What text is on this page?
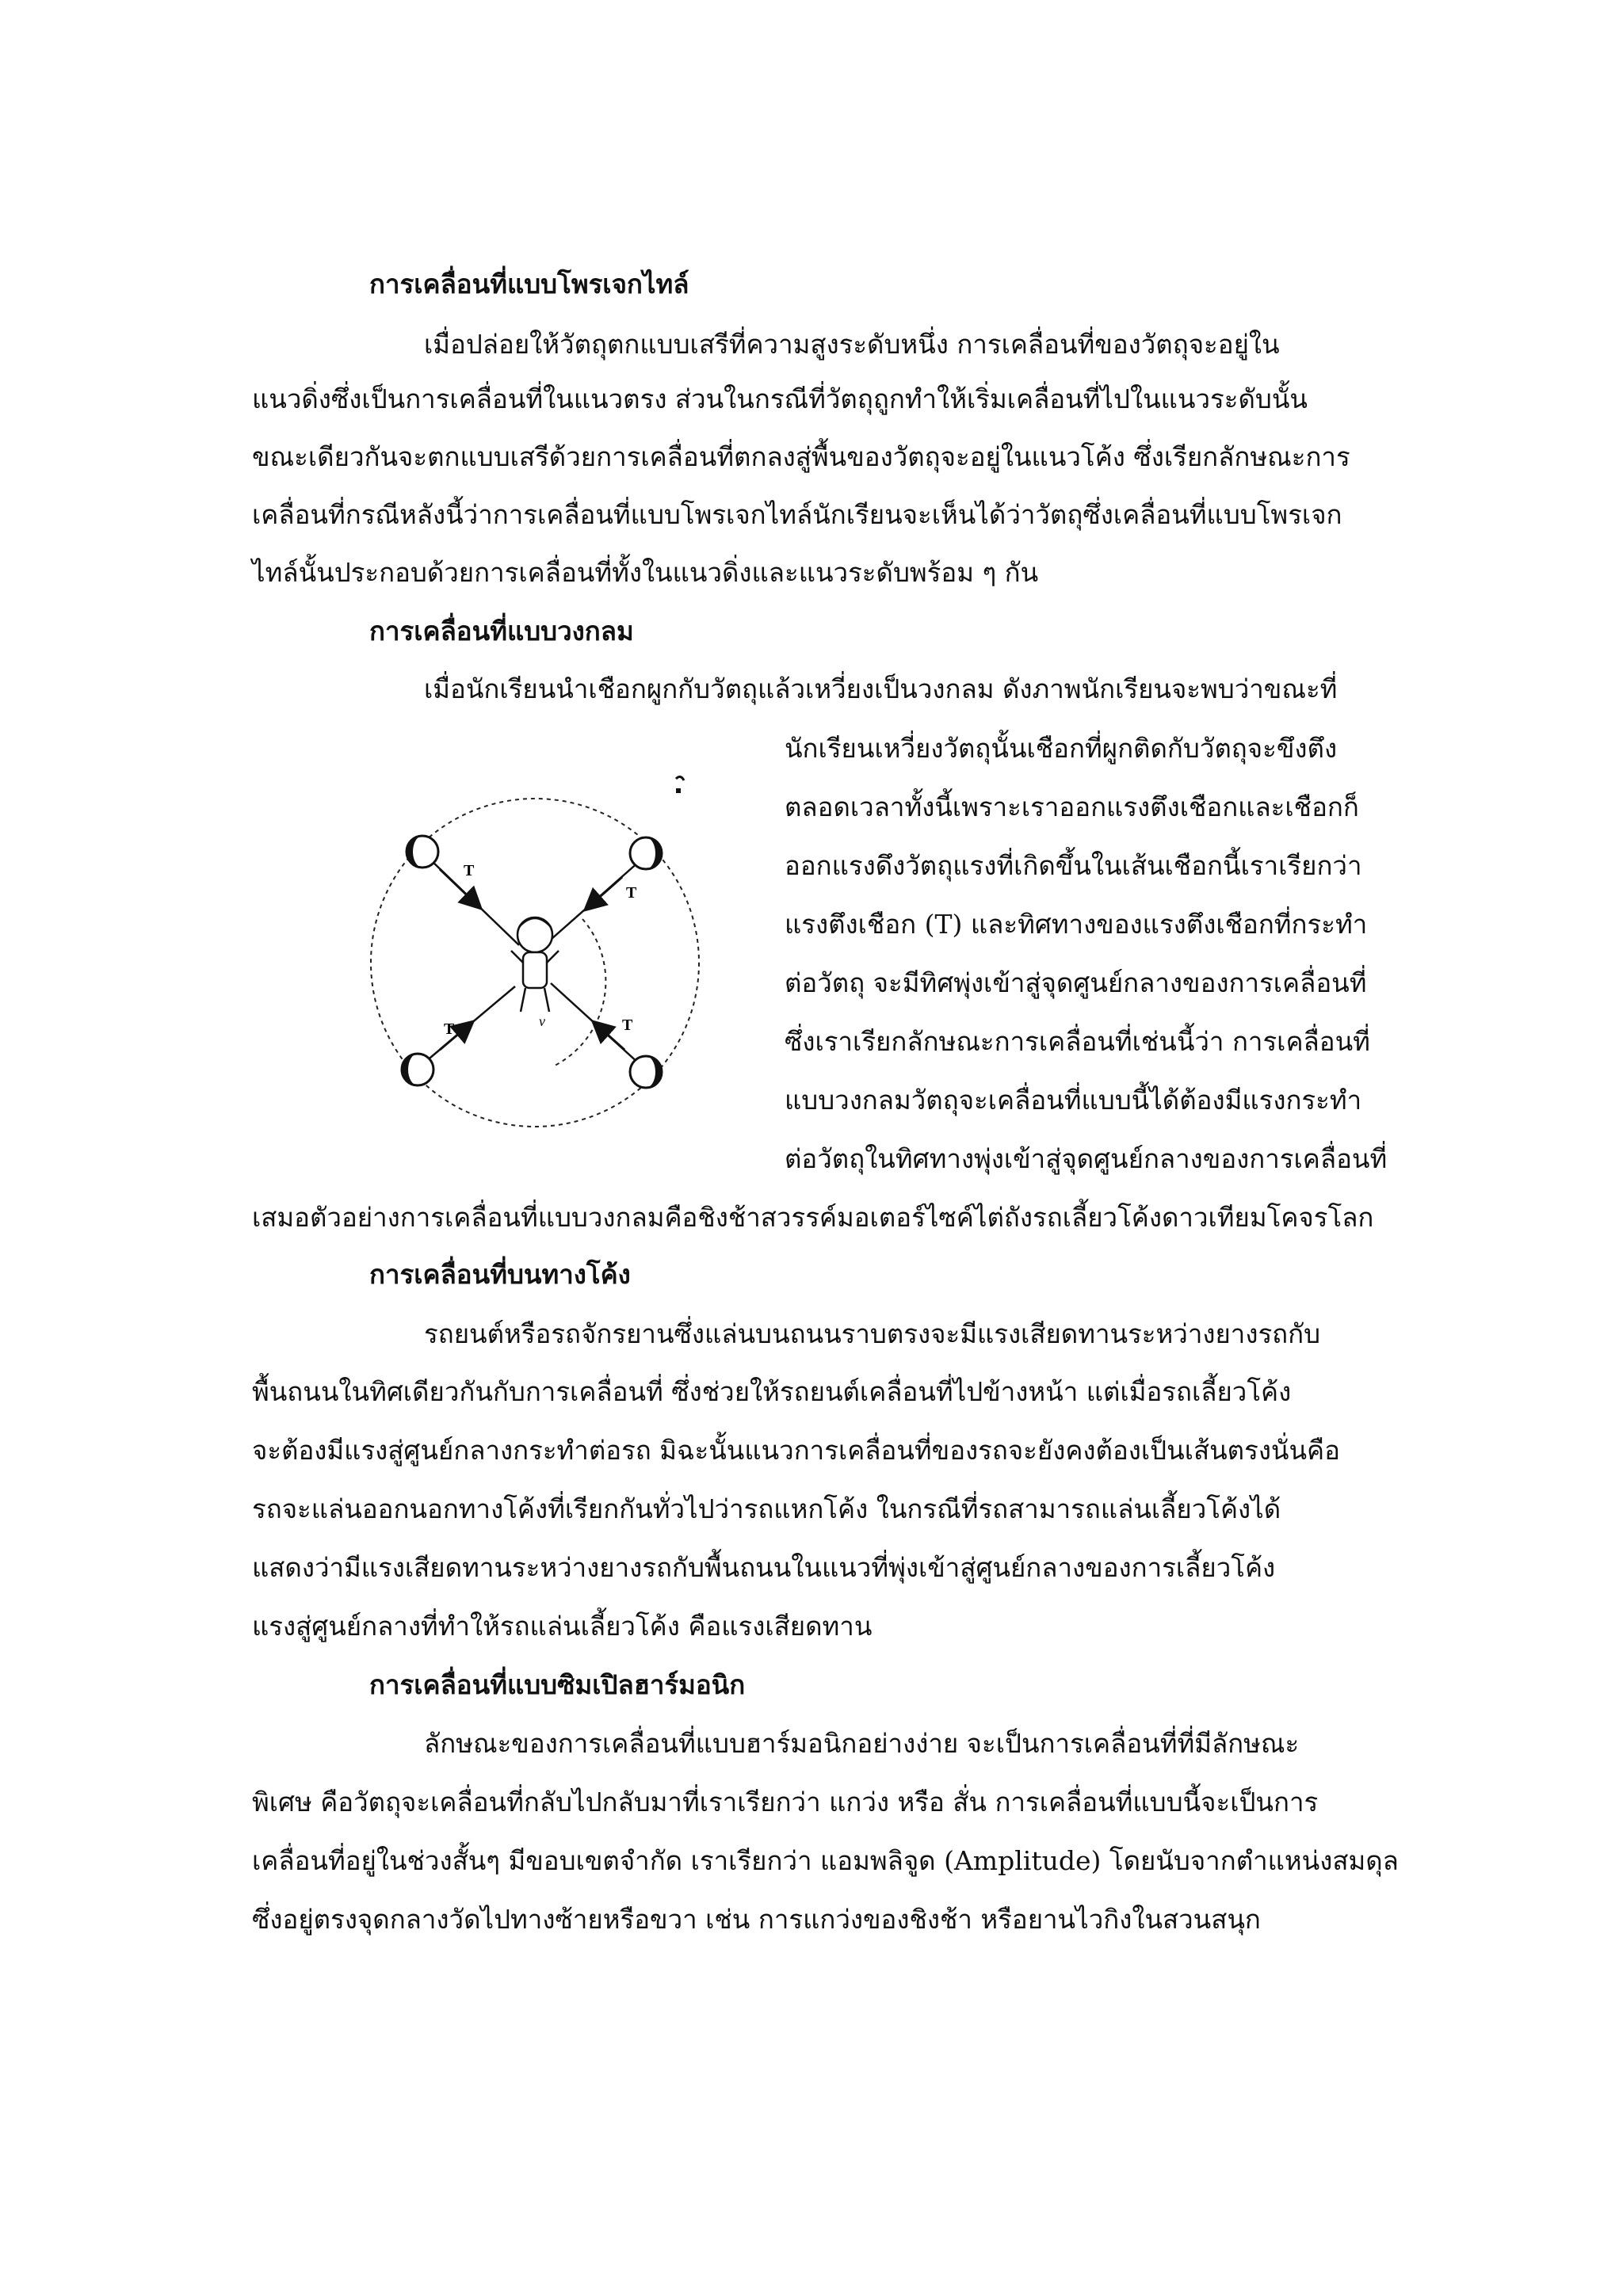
การเคลื่อนที่แบบโพรเจกไทล์
เมื่อปล่อยให้วัตถุตกแบบเสรีที่ความสูงระดับหนึ่ง การเคลื่อนที่ของวัตถุจะอยู่ใน
แนวดิ่งซึ่งเป็นการเคลื่อนที่ในแนวตรง ส่วนในกรณีที่วัตถุถูกทำให้เริ่มเคลื่อนที่ไปในแนวระดับนั้น
ขณะเดียวกันจะตกแบบเสรีด้วยการเคลื่อนที่ตกลงสู่พื้นของวัตถุจะอยู่ในแนวโค้ง ซึ่งเรียกลักษณะการ
เคลื่อนที่กรณีหลังนี้ว่าการเคลื่อนที่แบบโพรเจกไทล์นักเรียนจะเห็นได้ว่าวัตถุซึ่งเคลื่อนที่แบบโพรเจก
ไทล์นั้นประกอบด้วยการเคลื่อนที่ทั้งในแนวดิ่งและแนวระดับพร้อม ๆ กัน
การเคลื่อนที่แบบวงกลม
เมื่อนักเรียนนำเชือกผูกกับวัตถุแล้วเหวี่ยงเป็นวงกลม ดังภาพนักเรียนจะพบว่าขณะที่
นักเรียนเหวี่ยงวัตถุนั้นเชือกที่ผูกติดกับวัตถุจะขึงตึง
ตลอดเวลาทั้งนี้เพราะเราออกแรงตึงเชือกและเชือกก็
ออกแรงดึงวัตถุแรงที่เกิดขึ้นในเส้นเชือกนี้เราเรียกว่า
แรงตึงเชือก (T) และทิศทางของแรงตึงเชือกที่กระทำ
ต่อวัตถุ จะมีทิศพุ่งเข้าสู่จุดศูนย์กลางของการเคลื่อนที่
ซึ่งเราเรียกลักษณะการเคลื่อนที่เช่นนี้ว่า การเคลื่อนที่
แบบวงกลมวัตถุจะเคลื่อนที่แบบนี้ได้ต้องมีแรงกระทำ
ต่อวัตถุในทิศทางพุ่งเข้าสู่จุดศูนย์กลางของการเคลื่อนที่
เสมอตัวอย่างการเคลื่อนที่แบบวงกลมคือชิงช้าสวรรค์มอเตอร์ไซค์ไต่ถังรถเลี้ยวโค้งดาวเทียมโคจรโลก
T
T
T	T
v
การเคลื่อนที่บนทางโค้ง
รถยนต์หรือรถจักรยานซึ่งแล่นบนถนนราบตรงจะมีแรงเสียดทานระหว่างยางรถกับ
พื้นถนนในทิศเดียวกันกับการเคลื่อนที่ ซึ่งช่วยให้รถยนต์เคลื่อนที่ไปข้างหน้า แต่เมื่อรถเลี้ยวโค้ง
จะต้องมีแรงสู่ศูนย์กลางกระทำต่อรถ มิฉะนั้นแนวการเคลื่อนที่ของรถจะยังคงต้องเป็นเส้นตรงนั่นคือ
รถจะแล่นออกนอกทางโค้งที่เรียกกันทั่วไปว่ารถแหกโค้ง ในกรณีที่รถสามารถแล่นเลี้ยวโค้งได้
แสดงว่ามีแรงเสียดทานระหว่างยางรถกับพื้นถนนในแนวที่พุ่งเข้าสู่ศูนย์กลางของการเลี้ยวโค้ง
แรงสู่ศูนย์กลางที่ทำให้รถแล่นเลี้ยวโค้ง คือแรงเสียดทาน
การเคลื่อนที่แบบซิมเปิลฮาร์มอนิก
ลักษณะของการเคลื่อนที่แบบฮาร์มอนิกอย่างง่าย จะเป็นการเคลื่อนที่ที่มีลักษณะ
พิเศษ คือวัตถุจะเคลื่อนที่กลับไปกลับมาที่เราเรียกว่า แกว่ง หรือ สั่น การเคลื่อนที่แบบนี้จะเป็นการ
เคลื่อนที่อยู่ในช่วงสั้นๆ มีขอบเขตจำกัด เราเรียกว่า แอมพลิจูด (Amplitude) โดยนับจากตำแหน่งสมดุล
ซึ่งอยู่ตรงจุดกลางวัดไปทางซ้ายหรือขวา เช่น การแกว่งของชิงช้า หรือยานไวกิงในสวนสนุก
